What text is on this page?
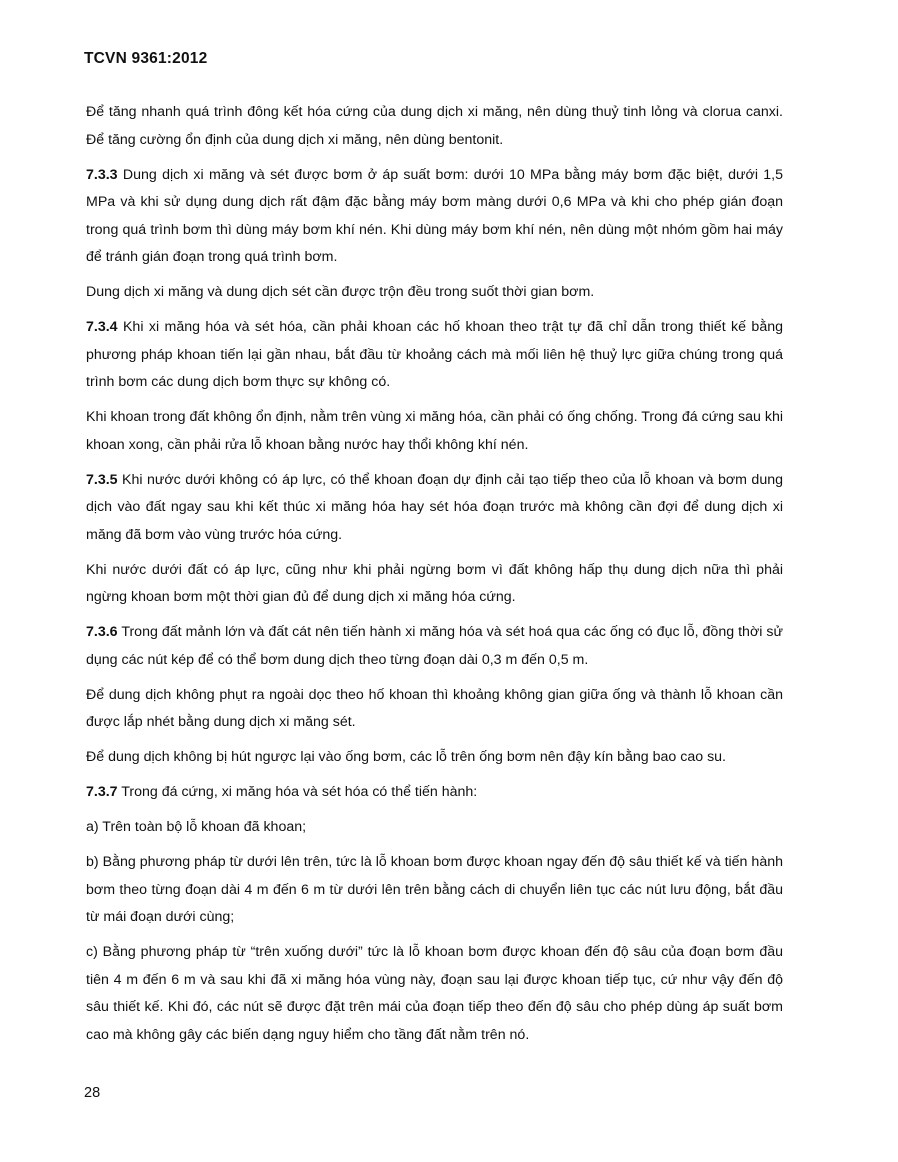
TCVN 9361:2012

Để tăng nhanh quá trình đông kết hóa cứng của dung dịch xi măng, nên dùng thuỷ tinh lỏng và clorua canxi. Để tăng cường ổn định của dung dịch xi măng, nên dùng bentonit.

7.3.3 Dung dịch xi măng và sét được bơm ở áp suất bơm: dưới 10 MPa bằng máy bơm đặc biệt, dưới 1,5 MPa và khi sử dụng dung dịch rất đậm đặc bằng máy bơm màng dưới 0,6 MPa và khi cho phép gián đoạn trong quá trình bơm thì dùng máy bơm khí nén. Khi dùng máy bơm khí nén, nên dùng một nhóm gồm hai máy để tránh gián đoạn trong quá trình bơm.

Dung dịch xi măng và dung dịch sét cần được trộn đều trong suốt thời gian bơm.

7.3.4 Khi xi măng hóa và sét hóa, cần phải khoan các hố khoan theo trật tự đã chỉ dẫn trong thiết kế bằng phương pháp khoan tiến lại gần nhau, bắt đầu từ khoảng cách mà mối liên hệ thuỷ lực giữa chúng trong quá trình bơm các dung dịch bơm thực sự không có.

Khi khoan trong đất không ổn định, nằm trên vùng xi măng hóa, cần phải có ống chống. Trong đá cứng sau khi khoan xong, cần phải rửa lỗ khoan bằng nước hay thổi không khí nén.

7.3.5 Khi nước dưới không có áp lực, có thể khoan đoạn dự định cải tạo tiếp theo của lỗ khoan và bơm dung dịch vào đất ngay sau khi kết thúc xi măng hóa hay sét hóa đoạn trước mà không cần đợi để dung dịch xi măng đã bơm vào vùng trước hóa cứng.

Khi nước dưới đất có áp lực, cũng như khi phải ngừng bơm vì đất không hấp thụ dung dịch nữa thì phải ngừng khoan bơm một thời gian đủ để dung dịch xi măng hóa cứng.

7.3.6 Trong đất mảnh lớn và đất cát nên tiến hành xi măng hóa và sét hoá qua các ống có đục lỗ, đồng thời sử dụng các nút kép để có thể bơm dung dịch theo từng đoạn dài 0,3 m đến 0,5 m.

Để dung dịch không phụt ra ngoài dọc theo hố khoan thì khoảng không gian giữa ống và thành lỗ khoan cần được lắp nhét bằng dung dịch xi măng sét.

Để dung dịch không bị hút ngược lại vào ống bơm, các lỗ trên ống bơm nên đậy kín bằng bao cao su.

7.3.7 Trong đá cứng, xi măng hóa và sét hóa có thể tiến hành:

a) Trên toàn bộ lỗ khoan đã khoan;

b) Bằng phương pháp từ dưới lên trên, tức là lỗ khoan bơm được khoan ngay đến độ sâu thiết kế và tiến hành bơm theo từng đoạn dài 4 m đến 6 m từ dưới lên trên bằng cách di chuyển liên tục các nút lưu động, bắt đầu từ mái đoạn dưới cùng;

c) Bằng phương pháp từ “trên xuống dưới” tức là lỗ khoan bơm được khoan đến độ sâu của đoạn bơm đầu tiên 4 m đến 6 m và sau khi đã xi măng hóa vùng này, đoạn sau lại được khoan tiếp tục, cứ như vậy đến độ sâu thiết kế. Khi đó, các nút sẽ được đặt trên mái của đoạn tiếp theo đến độ sâu cho phép dùng áp suất bơm cao mà không gây các biến dạng nguy hiểm cho tầng đất nằm trên nó.

28
